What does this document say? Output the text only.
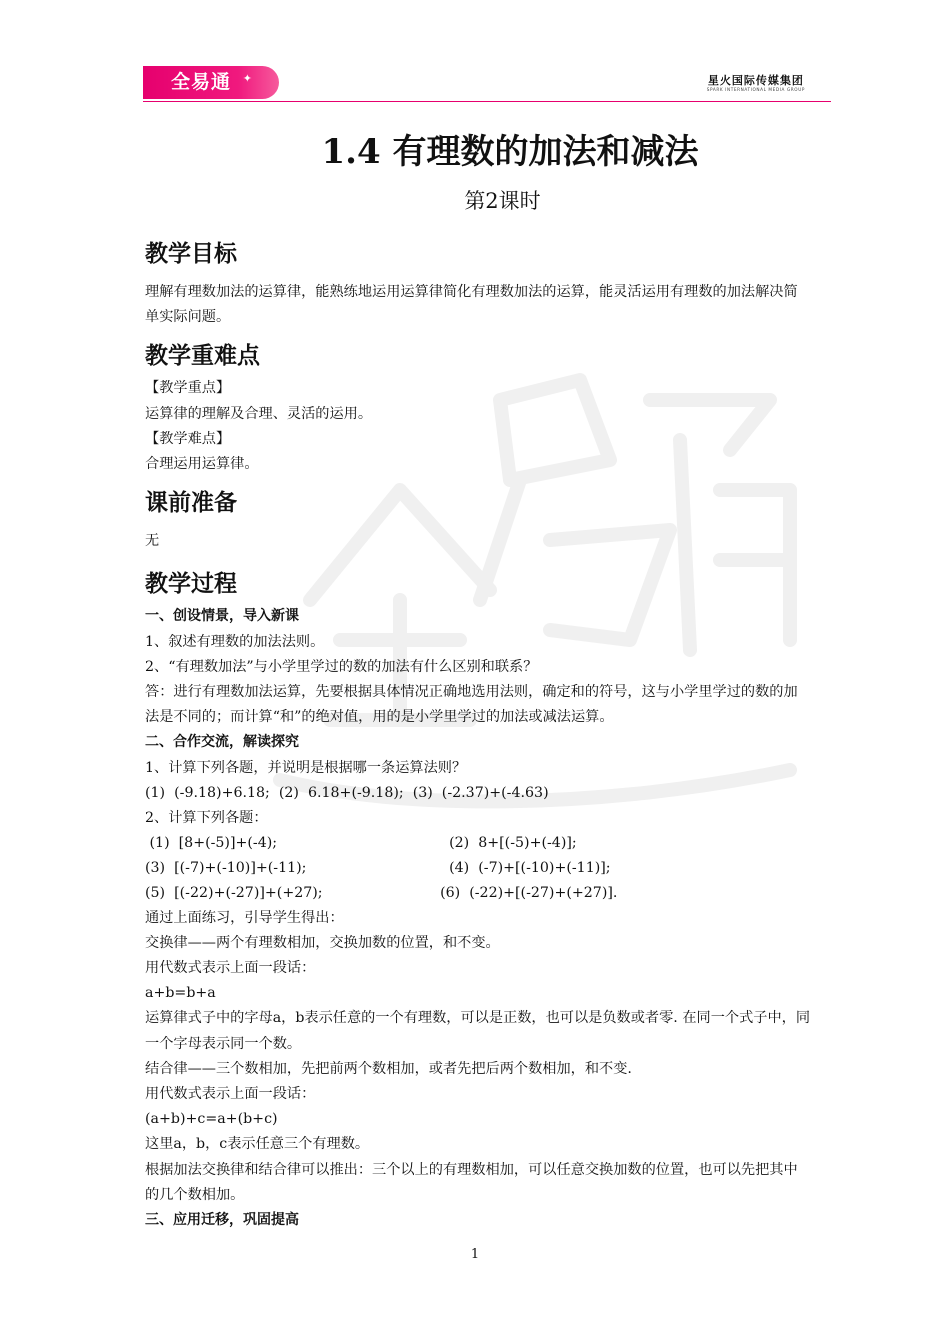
全易通 ✦	星火国际传媒集团
SPARK INTERNATIONAL MEDIA GROUP
1.4 有理数的加法和减法
第2课时
教学目标

理解有理数加法的运算律，能熟练地运用运算律简化有理数加法的运算，能灵活运用有理数的加法解决简单实际问题。

教学重难点

【教学重点】

运算律的理解及合理、灵活的运用。

【教学难点】

合理运用运算律。

课前准备

无

教学过程
一、创设情景，导入新课

1、叙述有理数的加法法则。

2、“有理数加法”与小学里学过的数的加法有什么区别和联系？

答：进行有理数加法运算，先要根据具体情况正确地选用法则，确定和的符号，这与小学里学过的数的加法是不同的；而计算“和”的绝对值，用的是小学里学过的加法或减法运算。

二、合作交流，解读探究

1、计算下列各题，并说明是根据哪一条运算法则？

(1)  (-9.18)+6.18;  (2)  6.18+(-9.18);  (3)  (-2.37)+(-4.63)

2、计算下列各题：

(1)  [8+(-5)]+(-4);	(2)  8+[(-5)+(-4)];
(3)  [(-7)+(-10)]+(-11);	(4)  (-7)+[(-10)+(-11)];
(5)  [(-22)+(-27)]+(+27);	(6)  (-22)+[(-27)+(+27)].

通过上面练习，引导学生得出：

交换律——两个有理数相加，交换加数的位置，和不变。

用代数式表示上面一段话：

a+b=b+a

运算律式子中的字母a，b表示任意的一个有理数，可以是正数，也可以是负数或者零. 在同一个式子中，同一个字母表示同一个数。

结合律——三个数相加，先把前两个数相加，或者先把后两个数相加，和不变.

用代数式表示上面一段话：

(a+b)+c=a+(b+c)

这里a，b，c表示任意三个有理数。

根据加法交换律和结合律可以推出：三个以上的有理数相加，可以任意交换加数的位置，也可以先把其中的几个数相加。

三、应用迁移，巩固提高
1
